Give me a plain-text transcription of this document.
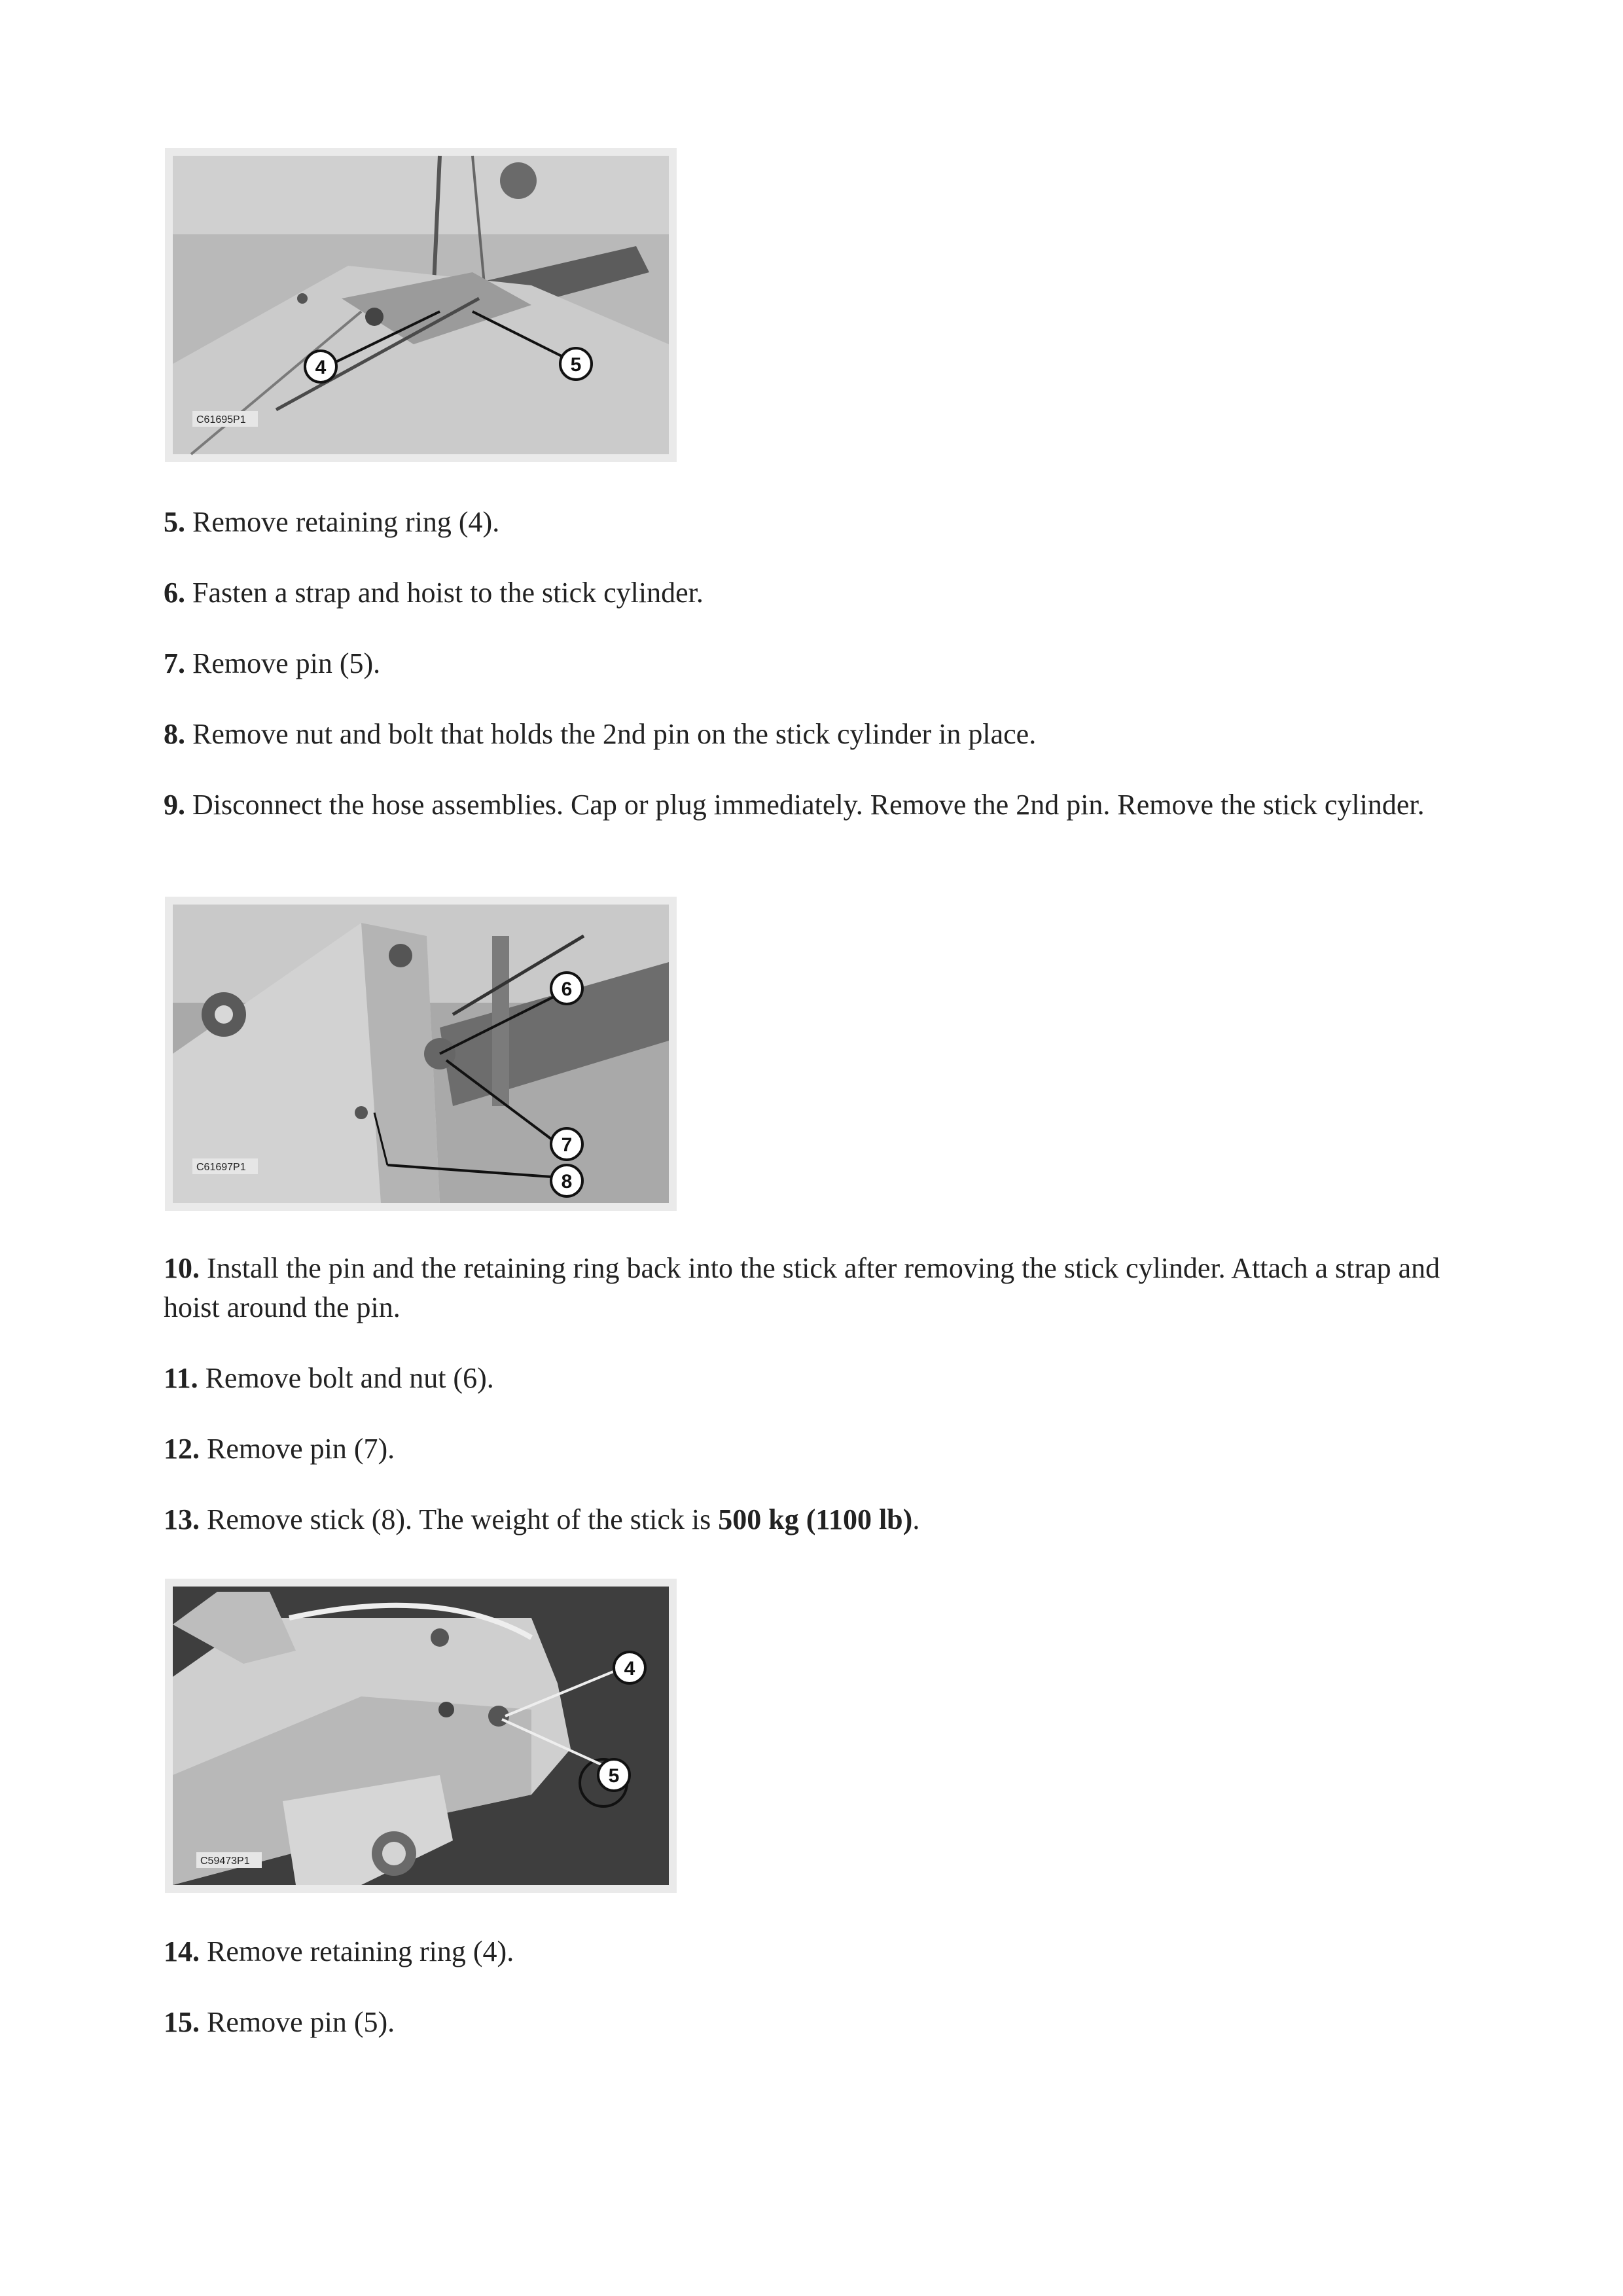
4	5
C61695P1

5. Remove retaining ring (4).

6. Fasten a strap and hoist to the stick cylinder.

7. Remove pin (5).

8. Remove nut and bolt that holds the 2nd pin on the stick cylinder in place.

9. Disconnect the hose assemblies. Cap or plug immediately. Remove the 2nd pin. Remove the stick cylinder.

6
7
8
C61697P1

10. Install the pin and the retaining ring back into the stick after removing the stick cylinder. Attach a strap and hoist around the pin.

11. Remove bolt and nut (6).

12. Remove pin (7).

13. Remove stick (8). The weight of the stick is 500 kg (1100 lb).

4
5
C59473P1

14. Remove retaining ring (4).

15. Remove pin (5).
